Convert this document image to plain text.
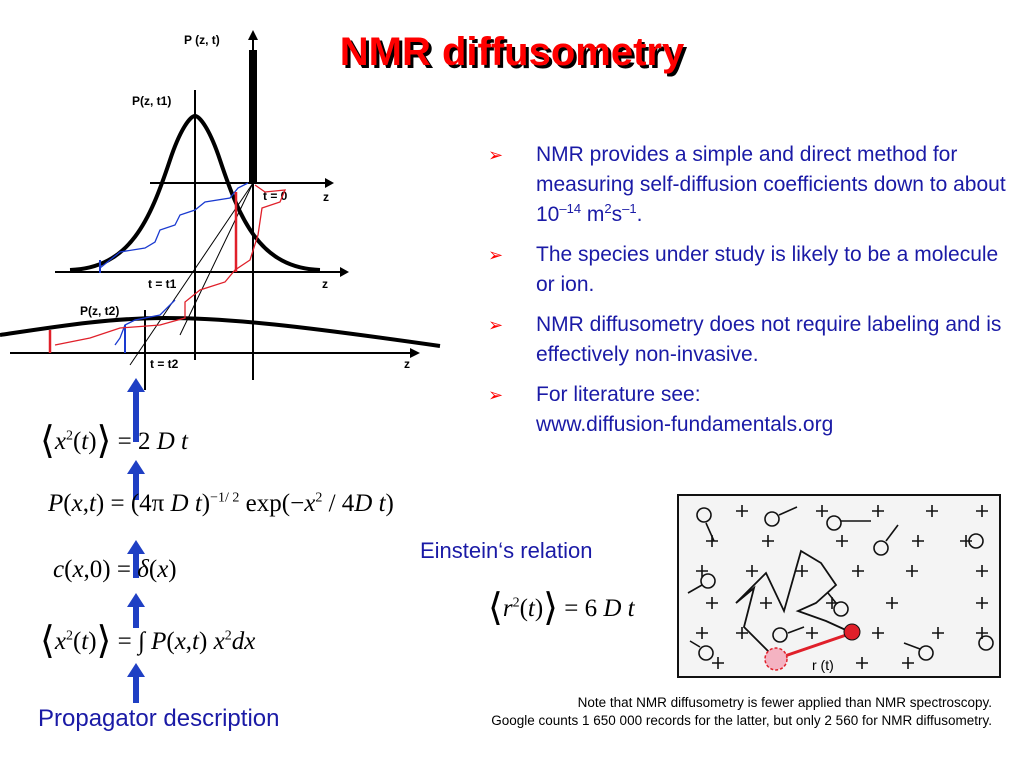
NMR diffusometry
z
P (z, t)
t = 0
z
P(z, t1)
t = t1
z
P(z, t2)
t = t2
$⟨x^2(t)⟩ = 2$ D t
P(x,t) = (4π D t)$^{-1/ 2}$ $\exp(-x^2 / 4D$ t)
c(x,0) = δ(x)
$⟨x^2(t)⟩$ = ∫ P(x,t) $x^2dx$
$⟨r^2(t)⟩ = 6$ D t
➢ NMR provides a simple and direct method for measuring self-diffusion coefficients down to about $10^{-14}$ $m^2s^{-1}$.
➢ The species under study is likely to be a molecule or ion.
➢ NMR diffusometry does not require labeling and is effectively non-invasive.
➢ For literature see:
www.diffusion-fundamentals.org
Einstein‘s relation
r (t)
Propagator description
Note that NMR diffusometry is fewer applied than NMR spectroscopy.
Google counts 1 650 000 records for the latter, but only 2 560 for NMR diffusometry.
